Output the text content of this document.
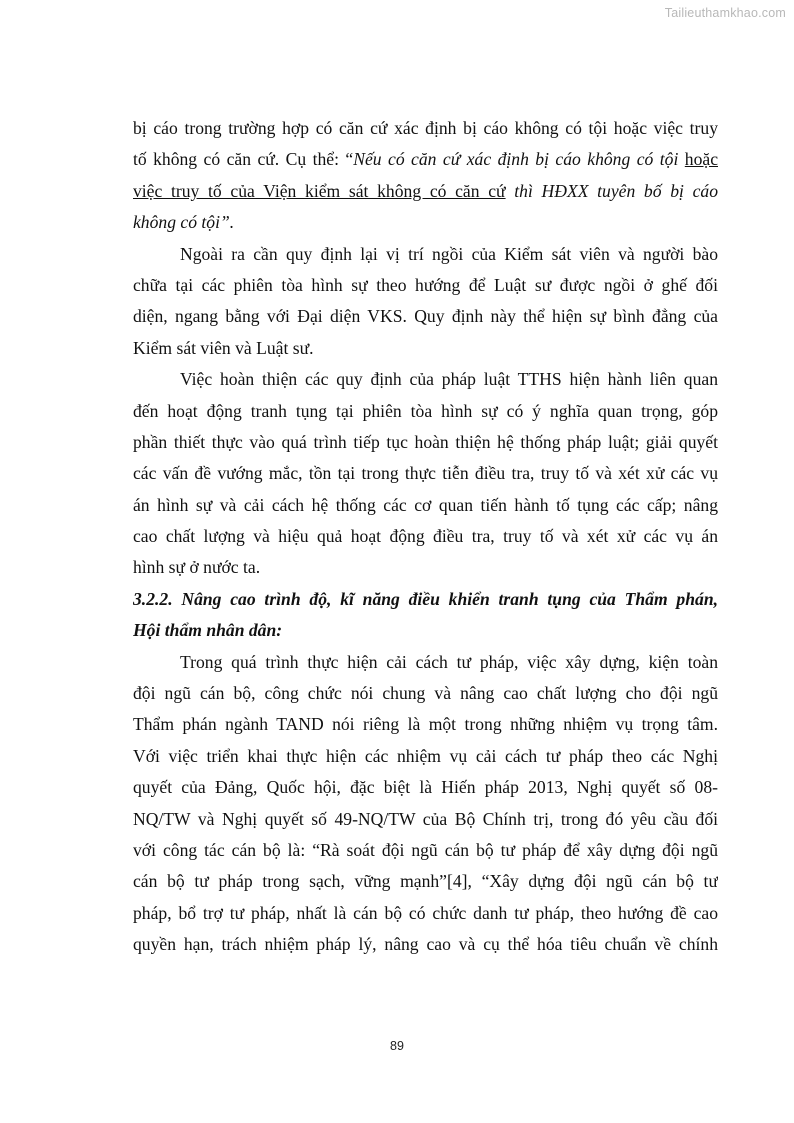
Tailieuthamkhao.com
bị cáo trong trường hợp có căn cứ xác định bị cáo không có tội hoặc việc truy
tố không có căn cứ. Cụ thể: “Nếu có căn cứ xác định bị cáo không có tội hoặc
việc truy tố của Viện kiểm sát không có căn cứ thì HĐXX tuyên bố bị cáo
không có tội”.
Ngoài ra cần quy định lại vị trí ngồi của Kiểm sát viên và người bào
chữa tại các phiên tòa hình sự theo hướng để Luật sư được ngồi ở ghế đối
diện, ngang bằng với Đại diện VKS. Quy định này thể hiện sự bình đẳng của
Kiểm sát viên và Luật sư.
Việc hoàn thiện các quy định của pháp luật TTHS hiện hành liên quan
đến hoạt động tranh tụng tại phiên tòa hình sự có ý nghĩa quan trọng, góp
phần thiết thực vào quá trình tiếp tục hoàn thiện hệ thống pháp luật; giải quyết
các vấn đề vướng mắc, tồn tại trong thực tiễn điều tra, truy tố và xét xử các vụ
án hình sự và cải cách hệ thống các cơ quan tiến hành tố tụng các cấp; nâng
cao chất lượng và hiệu quả hoạt động điều tra, truy tố và xét xử các vụ án
hình sự ở nước ta.
3.2.2. Nâng cao trình độ, kĩ năng điều khiển tranh tụng của Thẩm phán,
Hội thẩm nhân dân:
Trong quá trình thực hiện cải cách tư pháp, việc xây dựng, kiện toàn
đội ngũ cán bộ, công chức nói chung và nâng cao chất lượng cho đội ngũ
Thẩm phán ngành TAND nói riêng là một trong những nhiệm vụ trọng tâm.
Với việc triển khai thực hiện các nhiệm vụ cải cách tư pháp theo các Nghị
quyết của Đảng, Quốc hội, đặc biệt là Hiến pháp 2013, Nghị quyết số 08-
NQ/TW và Nghị quyết số 49-NQ/TW của Bộ Chính trị, trong đó yêu cầu đối
với công tác cán bộ là: “Rà soát đội ngũ cán bộ tư pháp để xây dựng đội ngũ
cán bộ tư pháp trong sạch, vững mạnh”[4], “Xây dựng đội ngũ cán bộ tư
pháp, bổ trợ tư pháp, nhất là cán bộ có chức danh tư pháp, theo hướng đề cao
quyền hạn, trách nhiệm pháp lý, nâng cao và cụ thể hóa tiêu chuẩn về chính
89
